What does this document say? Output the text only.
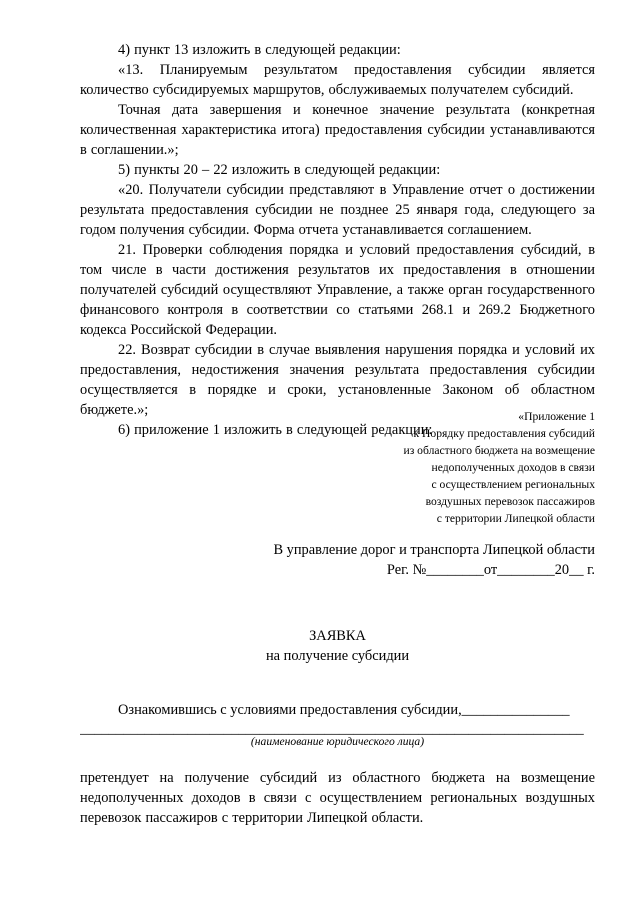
4) пункт 13 изложить в следующей редакции:

«13. Планируемым результатом предоставления субсидии является количество субсидируемых маршрутов, обслуживаемых получателем субсидий.

Точная дата завершения и конечное значение результата (конкретная количественная характеристика итога) предоставления субсидии устанавливаются в соглашении.»;

5) пункты 20 – 22 изложить в следующей редакции:

«20. Получатели субсидии представляют в Управление отчет о достижении результата предоставления субсидии не позднее 25 января года, следующего за годом получения субсидии. Форма отчета устанавливается соглашением.

21. Проверки соблюдения порядка и условий предоставления субсидий, в том числе в части достижения результатов их предоставления в отношении получателей субсидий осуществляют Управление, а также орган государственного финансового контроля в соответствии со статьями 268.1 и 269.2 Бюджетного кодекса Российской Федерации.

22. Возврат субсидии в случае выявления нарушения порядка и условий их предоставления, недостижения значения результата предоставления субсидии осуществляется в порядке и сроки, установленные Законом об областном бюджете.»;

6) приложение 1 изложить в следующей редакции:

«Приложение 1
к Порядку предоставления субсидий
из областного бюджета на возмещение
недополученных доходов в связи
с осуществлением региональных
воздушных перевозок пассажиров
с территории Липецкой области
В управление дорог и транспорта Липецкой области
Рег. №________от________20__ г.
ЗАЯВКА
на получение субсидии
Ознакомившись с условиями предоставления субсидии,_______________
______________________________________________________________________
(наименование юридического лица)

претендует на получение субсидий из областного бюджета на возмещение недополученных доходов в связи с осуществлением региональных воздушных перевозок пассажиров с территории Липецкой области.
